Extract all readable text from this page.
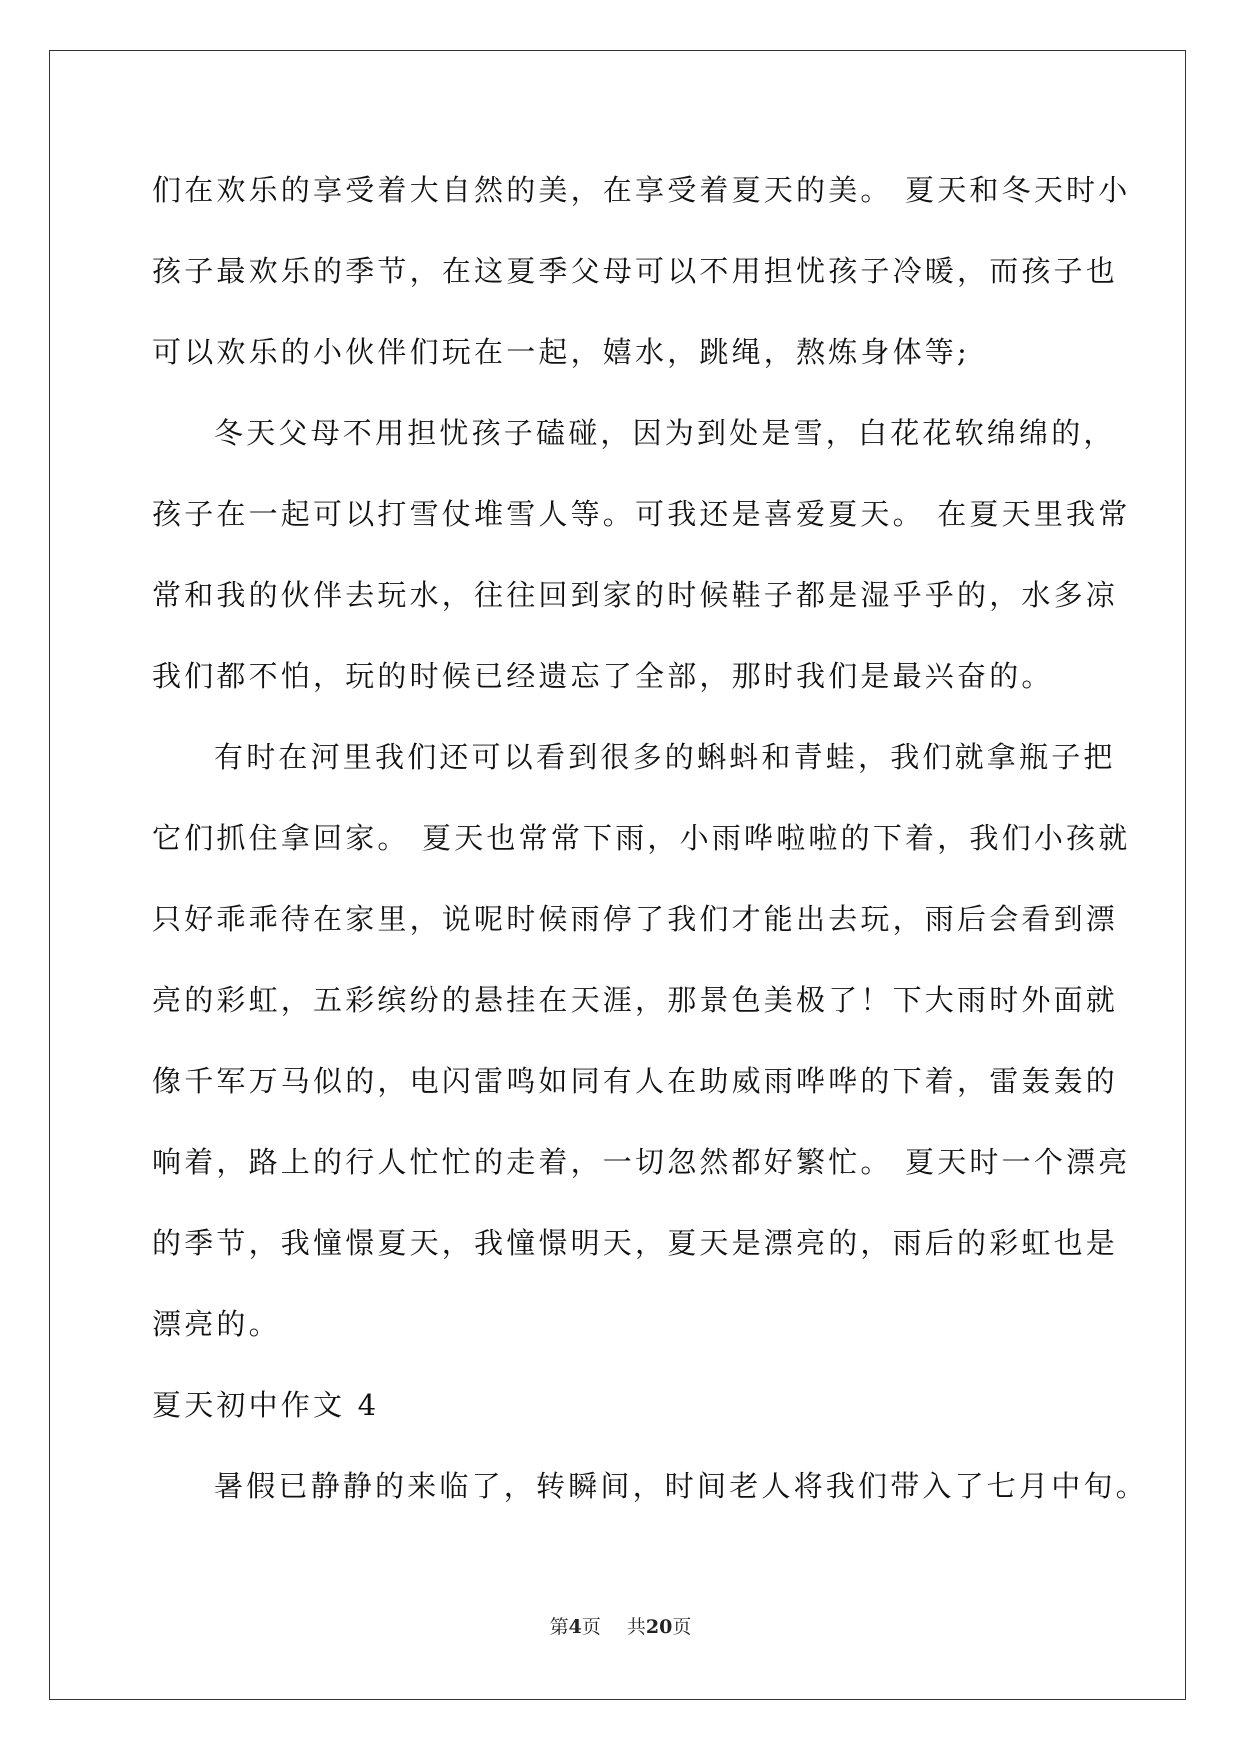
们在欢乐的享受着大自然的美，在享受着夏天的美。 夏天和冬天时小
孩子最欢乐的季节，在这夏季父母可以不用担忧孩子冷暖，而孩子也
可以欢乐的小伙伴们玩在一起，嬉水，跳绳，熬炼身体等;
冬天父母不用担忧孩子磕碰，因为到处是雪，白花花软绵绵的，
孩子在一起可以打雪仗堆雪人等。可我还是喜爱夏天。 在夏天里我常
常和我的伙伴去玩水，往往回到家的时候鞋子都是湿乎乎的，水多凉
我们都不怕，玩的时候已经遗忘了全部，那时我们是最兴奋的。
有时在河里我们还可以看到很多的蝌蚪和青蛙，我们就拿瓶子把
它们抓住拿回家。 夏天也常常下雨，小雨哗啦啦的下着，我们小孩就
只好乖乖待在家里，说呢时候雨停了我们才能出去玩，雨后会看到漂
亮的彩虹，五彩缤纷的悬挂在天涯，那景色美极了！下大雨时外面就
像千军万马似的，电闪雷鸣如同有人在助威雨哗哗的下着，雷轰轰的
响着，路上的行人忙忙的走着，一切忽然都好繁忙。 夏天时一个漂亮
的季节，我憧憬夏天，我憧憬明天，夏天是漂亮的，雨后的彩虹也是
漂亮的。
夏天初中作文 4
暑假已静静的来临了，转瞬间，时间老人将我们带入了七月中旬。
第4页 共20页
